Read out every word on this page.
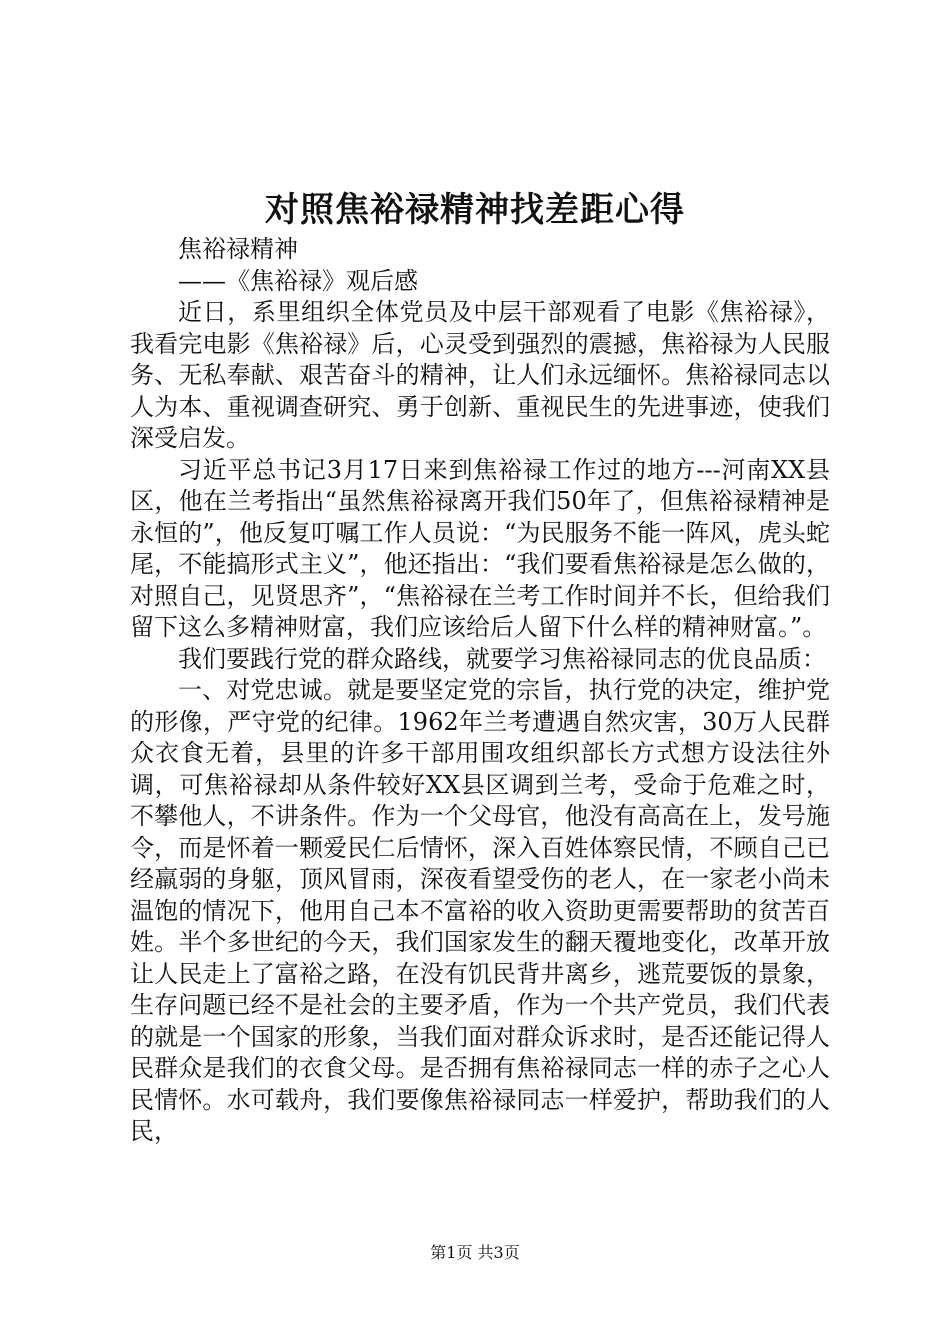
对照焦裕禄精神找差距心得

焦裕禄精神

——《焦裕禄》观后感

近日，系里组织全体党员及中层干部观看了电影《焦裕禄》，我看完电影《焦裕禄》后，心灵受到强烈的震撼，焦裕禄为人民服务、无私奉献、艰苦奋斗的精神，让人们永远缅怀。焦裕禄同志以人为本、重视调查研究、勇于创新、重视民生的先进事迹，使我们深受启发。

习近平总书记3月17日来到焦裕禄工作过的地方---河南XX县区，他在兰考指出“虽然焦裕禄离开我们50年了，但焦裕禄精神是永恒的”，他反复叮嘱工作人员说：“为民服务不能一阵风，虎头蛇尾，不能搞形式主义”，他还指出：“我们要看焦裕禄是怎么做的，对照自己，见贤思齐”，“焦裕禄在兰考工作时间并不长，但给我们留下这么多精神财富，我们应该给后人留下什么样的精神财富。”。

我们要践行党的群众路线，就要学习焦裕禄同志的优良品质：

一、对党忠诚。就是要坚定党的宗旨，执行党的决定，维护党的形像，严守党的纪律。1962年兰考遭遇自然灾害，30万人民群众衣食无着，县里的许多干部用围攻组织部长方式想方设法往外调，可焦裕禄却从条件较好XX县区调到兰考，受命于危难之时，不攀他人，不讲条件。作为一个父母官，他没有高高在上，发号施令，而是怀着一颗爱民仁后情怀，深入百姓体察民情，不顾自己已经羸弱的身躯，顶风冒雨，深夜看望受伤的老人，在一家老小尚未温饱的情况下，他用自己本不富裕的收入资助更需要帮助的贫苦百姓。半个多世纪的今天，我们国家发生的翻天覆地变化，改革开放让人民走上了富裕之路，在没有饥民背井离乡，逃荒要饭的景象，生存问题已经不是社会的主要矛盾，作为一个共产党员，我们代表的就是一个国家的形象，当我们面对群众诉求时，是否还能记得人民群众是我们的衣食父母。是否拥有焦裕禄同志一样的赤子之心人民情怀。水可载舟，我们要像焦裕禄同志一样爱护，帮助我们的人民，

第1页 共3页
